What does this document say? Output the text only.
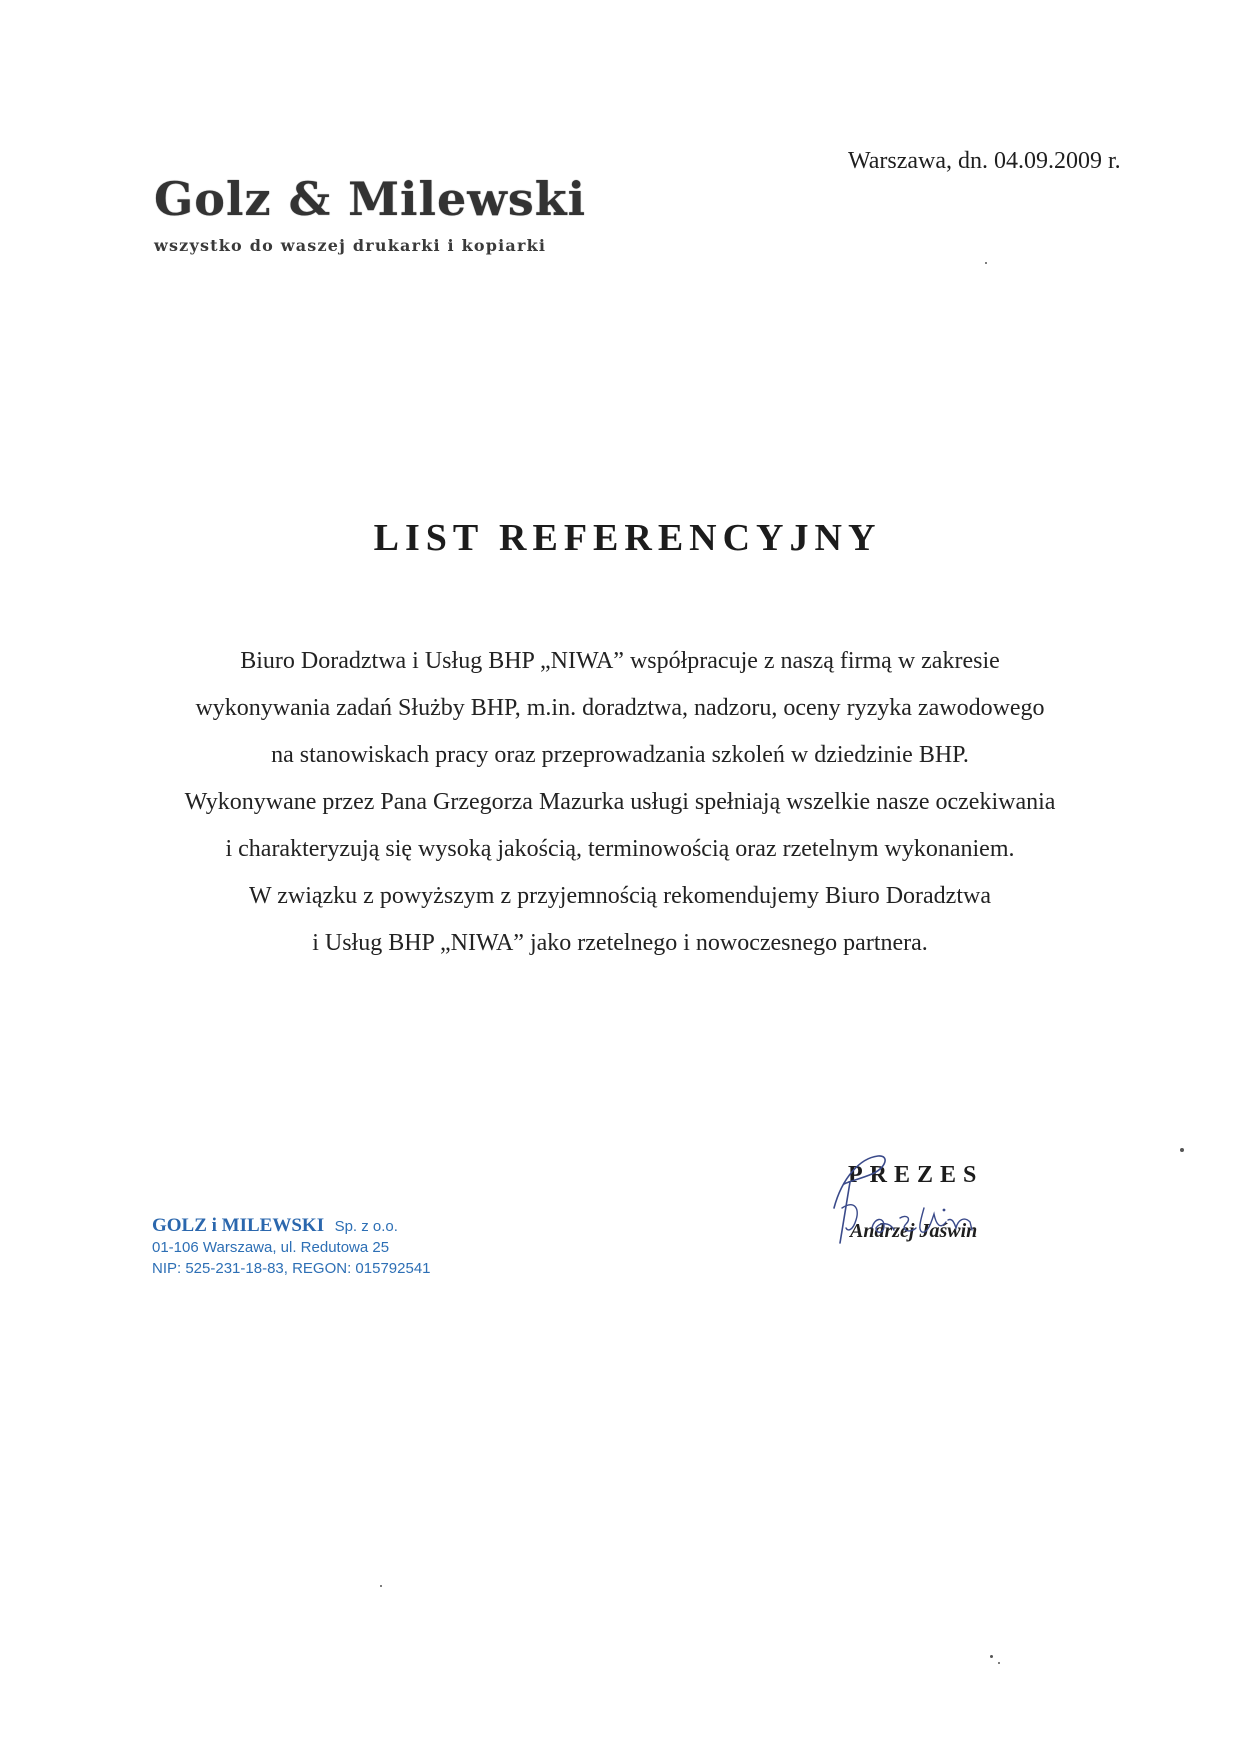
Golz & Milewski
wszystko do waszej drukarki i kopiarki
Warszawa, dn. 04.09.2009 r.
LIST REFERENCYJNY
Biuro Doradztwa i Usług BHP „NIWA” współpracuje z naszą firmą w zakresie
wykonywania zadań Służby BHP, m.in. doradztwa, nadzoru, oceny ryzyka zawodowego
na stanowiskach pracy oraz przeprowadzania szkoleń w dziedzinie BHP.
Wykonywane przez Pana Grzegorza Mazurka usługi spełniają wszelkie nasze oczekiwania
i charakteryzują się wysoką jakością, terminowością oraz rzetelnym wykonaniem.
W związku z powyższym z przyjemnością rekomendujemy Biuro Doradztwa
i Usług BHP „NIWA” jako rzetelnego i nowoczesnego partnera.
GOLZ i MILEWSKI Sp. z o.o.
01-106 Warszawa, ul. Redutowa 25
NIP: 525-231-18-83, REGON: 015792541
PREZES
Andrzej Jaświn
